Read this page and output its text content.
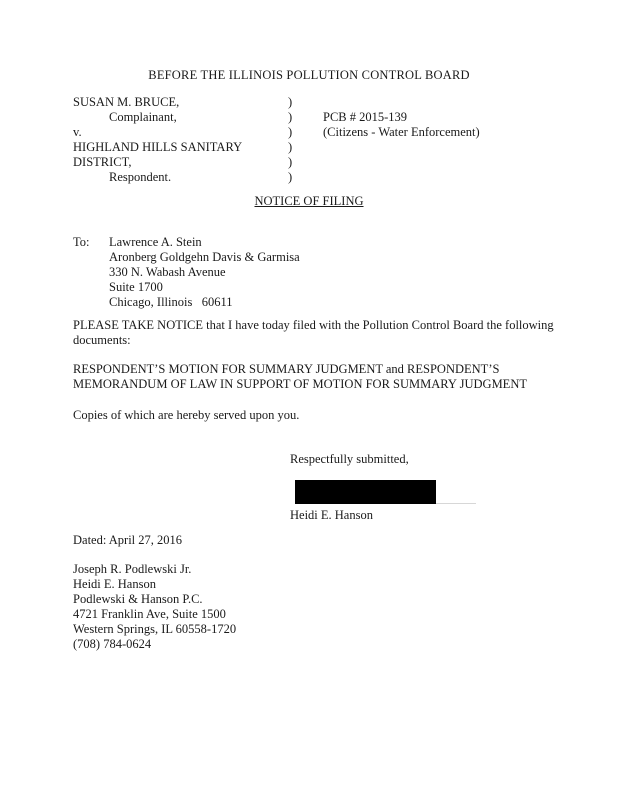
BEFORE THE ILLINOIS POLLUTION CONTROL BOARD
SUSAN M. BRUCE,
Complainant,
v.
HIGHLAND HILLS SANITARY
DISTRICT,
Respondent.
)
)
)
)
)
)
PCB # 2015-139
(Citizens - Water Enforcement)
NOTICE OF FILING
To: Lawrence A. Stein
Aronberg Goldgehn Davis & Garmisa
330 N. Wabash Avenue
Suite 1700
Chicago, Illinois   60611
PLEASE TAKE NOTICE that I have today filed with the Pollution Control Board the following
documents:
RESPONDENT’S MOTION FOR SUMMARY JUDGMENT and RESPONDENT’S
MEMORANDUM OF LAW IN SUPPORT OF MOTION FOR SUMMARY JUDGMENT
Copies of which are hereby served upon you.
Respectfully submitted,
Heidi E. Hanson
Dated: April 27, 2016
Joseph R. Podlewski Jr.
Heidi E. Hanson
Podlewski & Hanson P.C.
4721 Franklin Ave, Suite 1500
Western Springs, IL 60558-1720
(708) 784-0624
